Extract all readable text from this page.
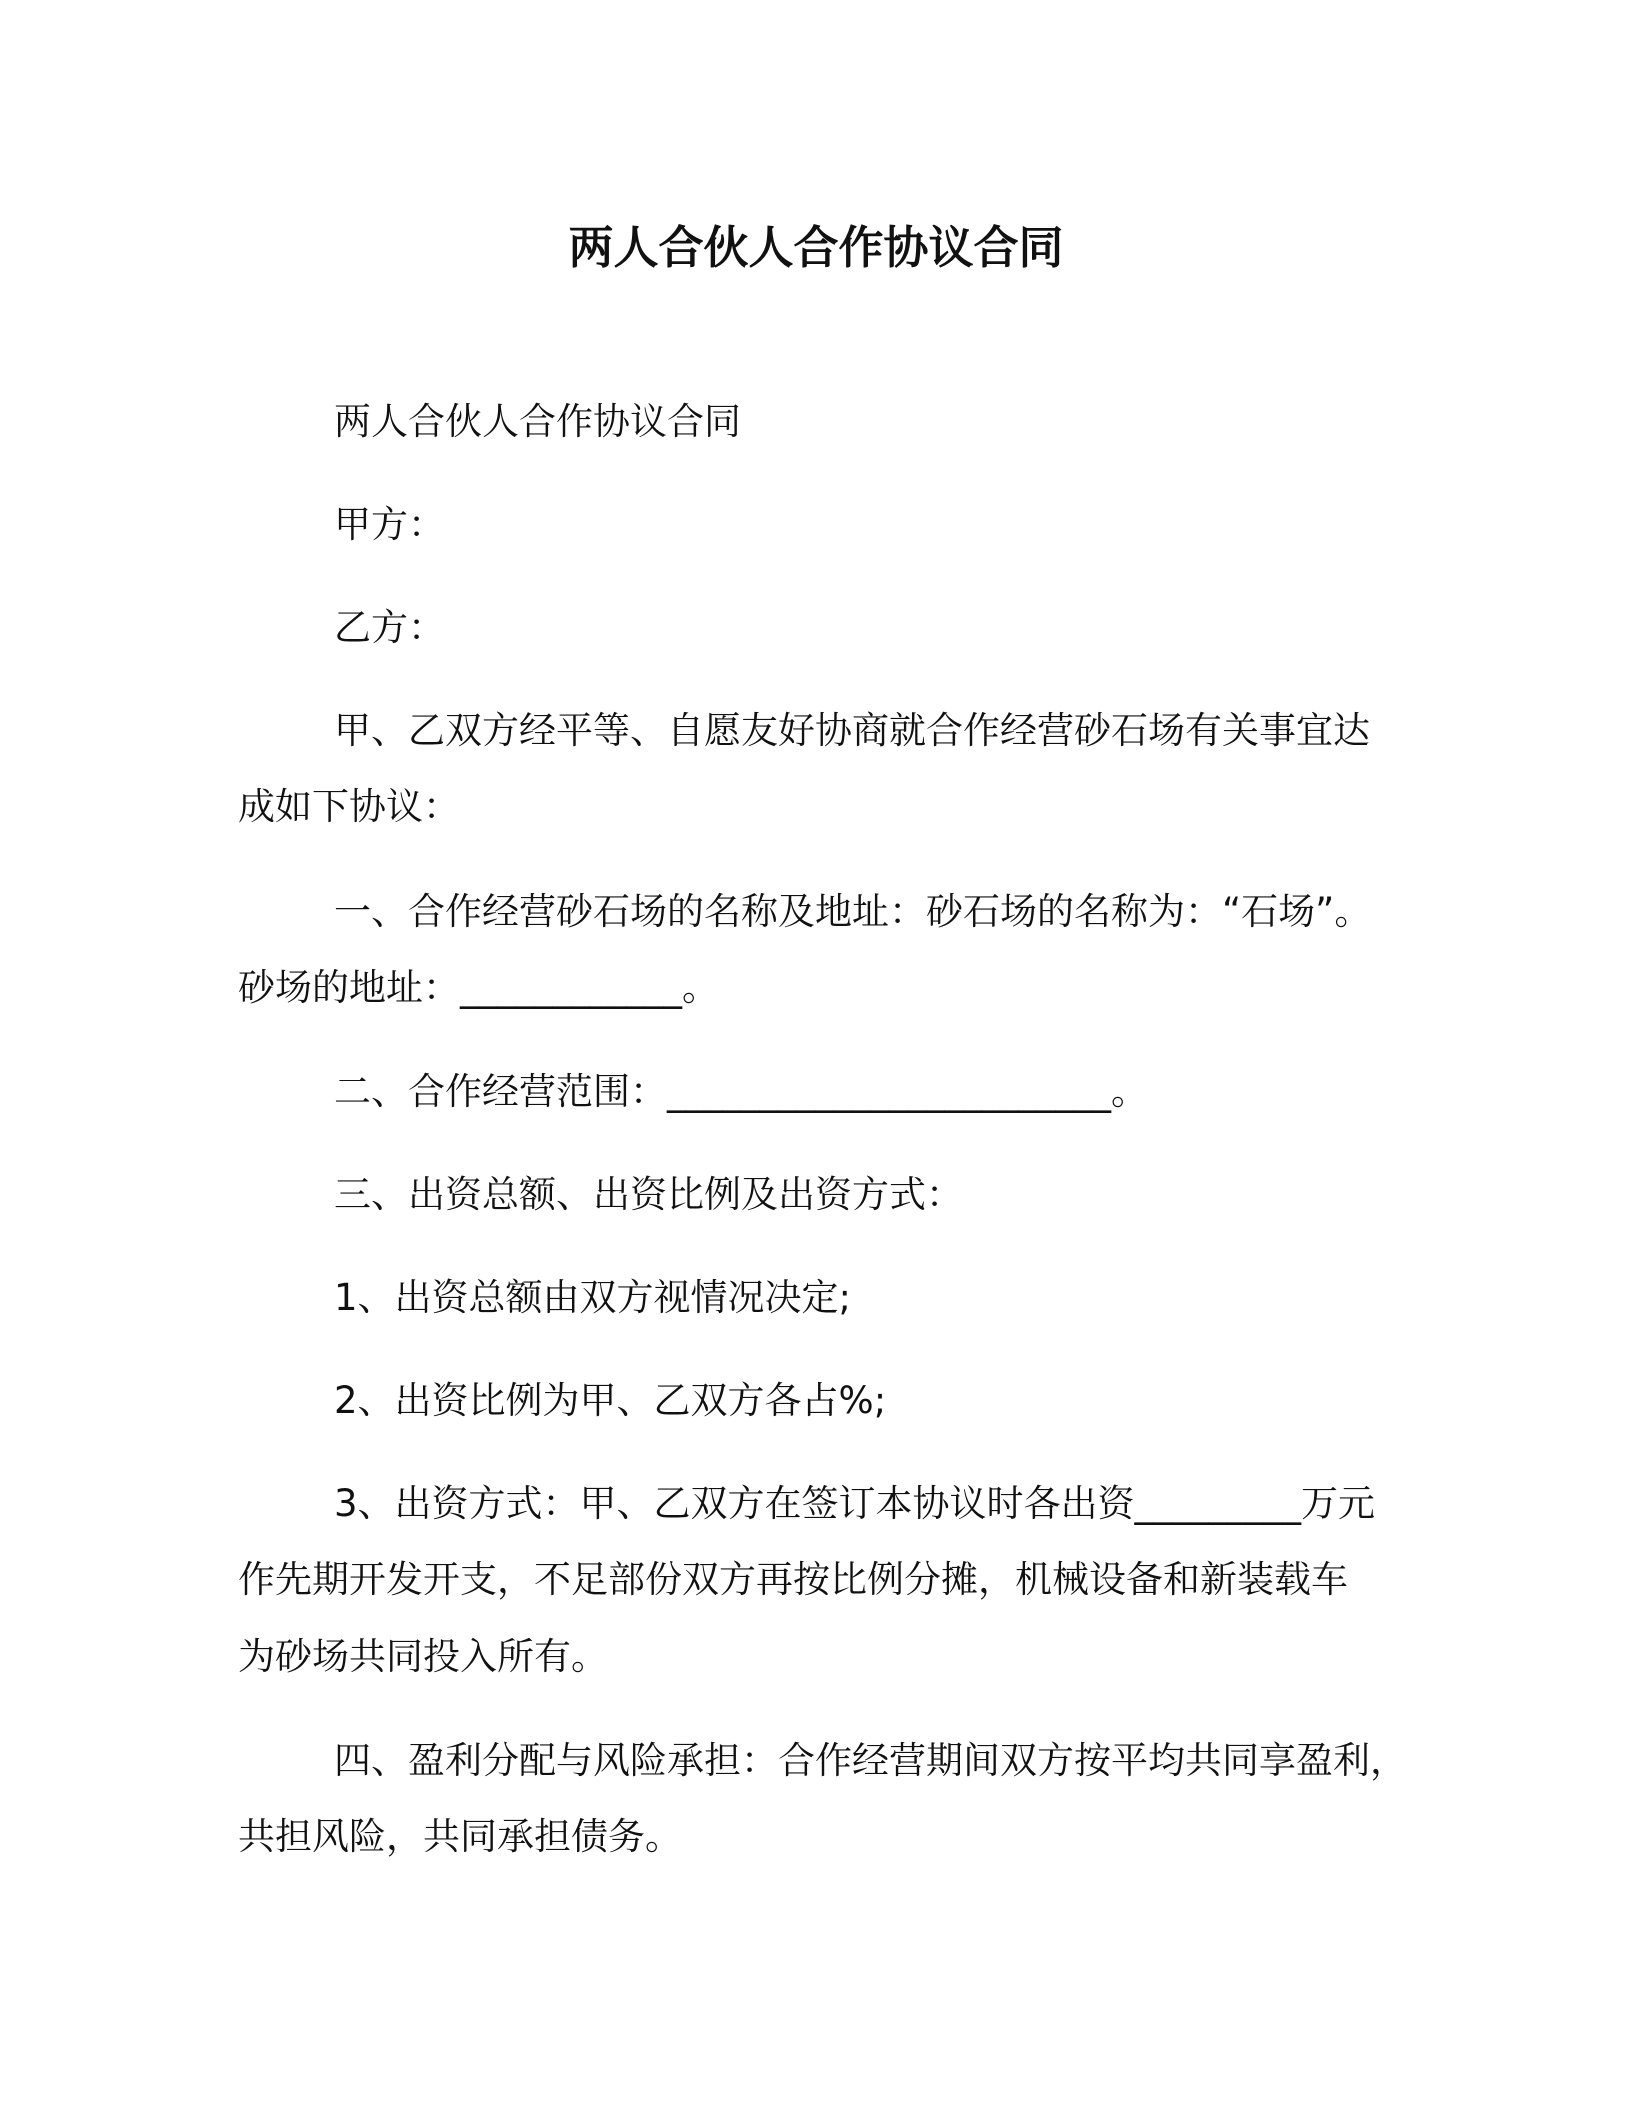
两人合伙人合作协议合同
两人合伙人合作协议合同
甲方：
乙方：
甲、乙双方经平等、自愿友好协商就合作经营砂石场有关事宜达
成如下协议：
一、合作经营砂石场的名称及地址：砂石场的名称为：“石场”。
砂场的地址：____________。
二、合作经营范围：________________________。
三、出资总额、出资比例及出资方式：
1、出资总额由双方视情况决定;
2、出资比例为甲、乙双方各占%;
3、出资方式：甲、乙双方在签订本协议时各出资_________万元
作先期开发开支，不足部份双方再按比例分摊，机械设备和新装载车
为砂场共同投入所有。
四、盈利分配与风险承担：合作经营期间双方按平均共同享盈利，
共担风险，共同承担债务。
